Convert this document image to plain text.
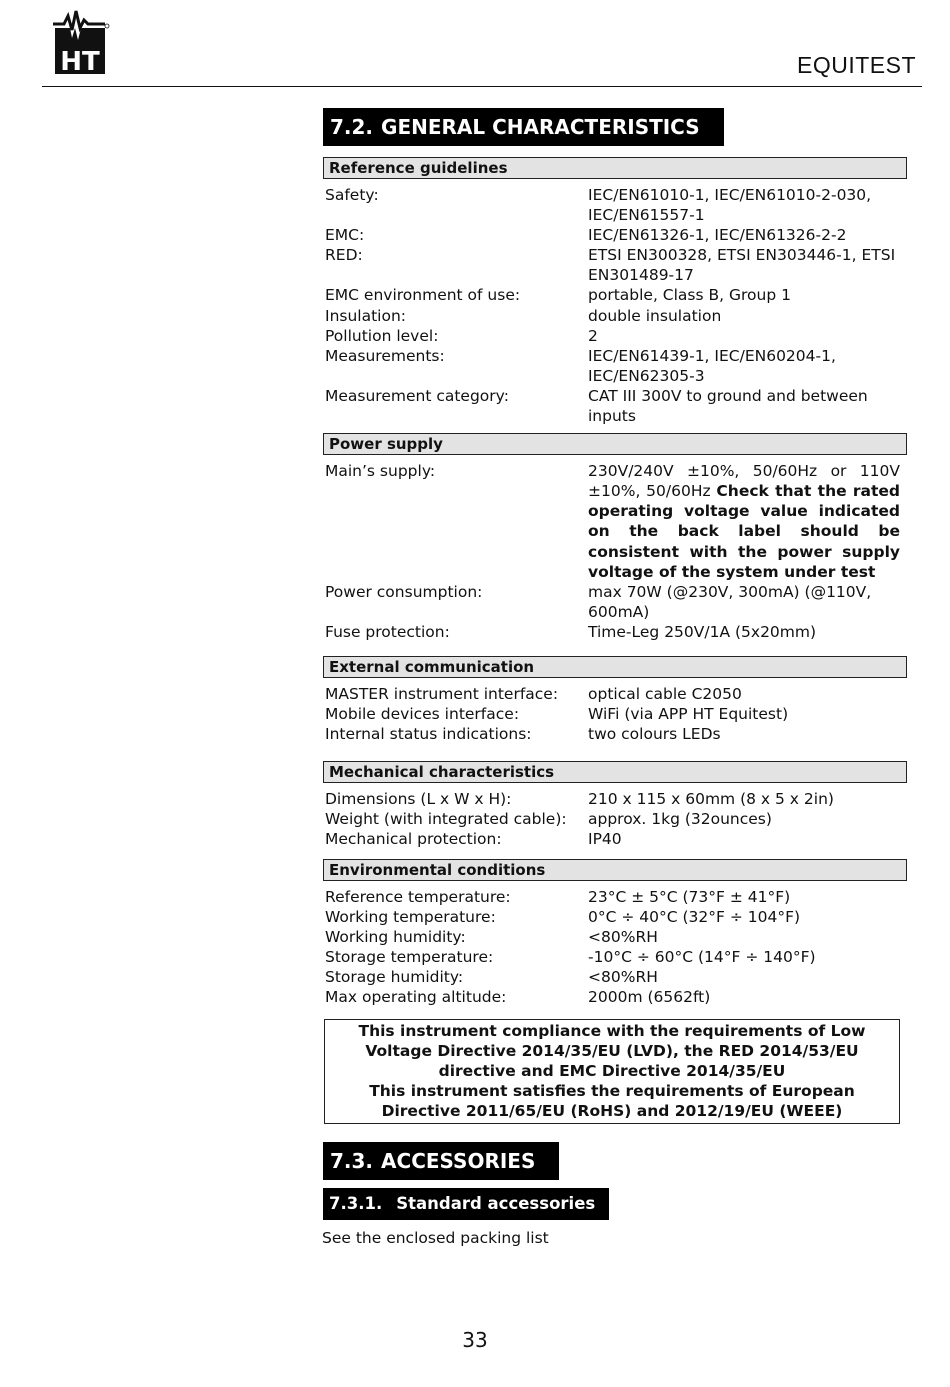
HT	EQUITEST
7.2. GENERAL CHARACTERISTICS
Reference guidelines
Safety:	IEC/EN61010-1, IEC/EN61010-2-030, IEC/EN61557-1
EMC:	IEC/EN61326-1, IEC/EN61326-2-2
RED:	ETSI EN300328, ETSI EN303446-1, ETSI EN301489-17
EMC environment of use:	portable, Class B, Group 1
Insulation:	double insulation
Pollution level:	2
Measurements:	IEC/EN61439-1, IEC/EN60204-1, IEC/EN62305-3
Measurement category:	CAT III 300V to ground and between inputs
Power supply
Main’s supply:	230V/240V ±10%, 50/60Hz or 110V ±10%, 50/60Hz Check that the rated operating voltage value indicated on the back label should be consistent with the power supply voltage of the system under test
Power consumption:	max 70W (@230V, 300mA) (@110V, 600mA)
Fuse protection:	Time-Leg 250V/1A (5x20mm)
External communication
MASTER instrument interface:	optical cable C2050
Mobile devices interface:	WiFi (via APP HT Equitest)
Internal status indications:	two colours LEDs
Mechanical characteristics
Dimensions (L x W x H):	210 x 115 x 60mm (8 x 5 x 2in)
Weight (with integrated cable):	approx. 1kg (32ounces)
Mechanical protection:	IP40
Environmental conditions
Reference temperature:	23°C ± 5°C (73°F ± 41°F)
Working temperature:	0°C ÷ 40°C (32°F ÷ 104°F)
Working humidity:	<80%RH
Storage temperature:	-10°C ÷ 60°C (14°F ÷ 140°F)
Storage humidity:	<80%RH
Max operating altitude:	2000m (6562ft)
This instrument compliance with the requirements of Low Voltage Directive 2014/35/EU (LVD), the RED 2014/53/EU directive and EMC Directive 2014/35/EU
This instrument satisfies the requirements of European Directive 2011/65/EU (RoHS) and 2012/19/EU (WEEE)
7.3. ACCESSORIES
7.3.1. Standard accessories
See the enclosed packing list
33
